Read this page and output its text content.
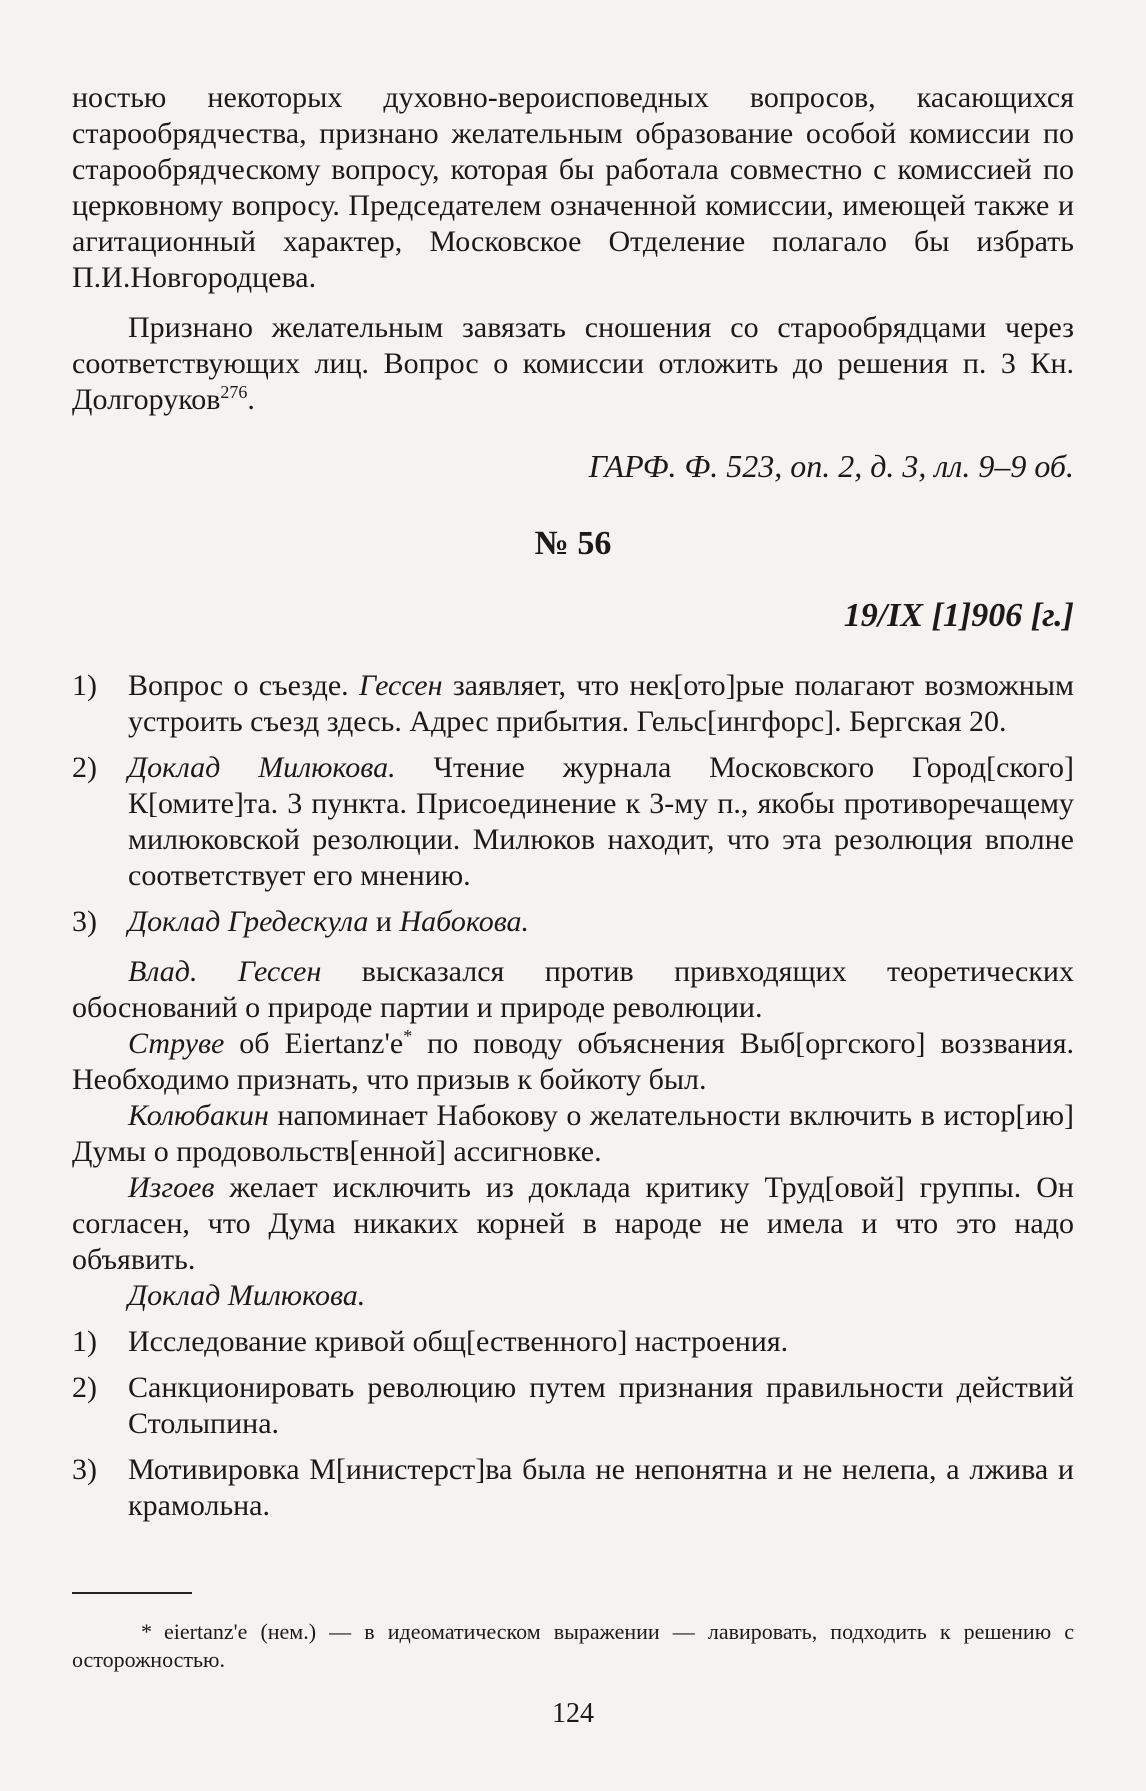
ностью некоторых духовно-вероисповедных вопросов, касающихся старообрядчества, признано желательным образование особой комиссии по старообрядческому вопросу, которая бы работала совместно с комиссией по церковному вопросу. Председателем означенной комиссии, имеющей также и агитационный характер, Московское Отделение полагало бы избрать П.И.Новгородцева.

Признано желательным завязать сношения со старообрядцами через соответствующих лиц. Вопрос о комиссии отложить до решения п. 3 Кн. Долгоруков$^{276}$.

ГАРФ. Ф. 523, оп. 2, д. 3, лл. 9–9 об.

№ 56

19/IX [1]906 [г.]

1) Вопрос о съезде. Гессен заявляет, что нек[ото]рые полагают возможным устроить съезд здесь. Адрес прибытия. Гельс[ингфорс]. Бергская 20.

2) Доклад Милюкова. Чтение журнала Московского Город[ского] К[омите]та. 3 пункта. Присоединение к 3-му п., якобы противоречащему милюковской резолюции. Милюков находит, что эта резолюция вполне соответствует его мнению.

3) Доклад Гредескула и Набокова.

Влад. Гессен высказался против привходящих теоретических обоснований о природе партии и природе революции.

Струве об Eiertanz'e* по поводу объяснения Выб[оргского] воззвания. Необходимо признать, что призыв к бойкоту был.

Колюбакин напоминает Набокову о желательности включить в истор[ию] Думы о продовольств[енной] ассигновке.

Изгоев желает исключить из доклада критику Труд[овой] группы. Он согласен, что Дума никаких корней в народе не имела и что это надо объявить.

Доклад Милюкова.

1) Исследование кривой общ[ественного] настроения.

2) Санкционировать революцию путем признания правильности действий Столыпина.

3) Мотивировка М[инистерст]ва была не непонятна и не нелепа, а лжива и крамольна.

* eiertanz'e (нем.) — в идеоматическом выражении — лавировать, подходить к решению с осторожностью.

124
